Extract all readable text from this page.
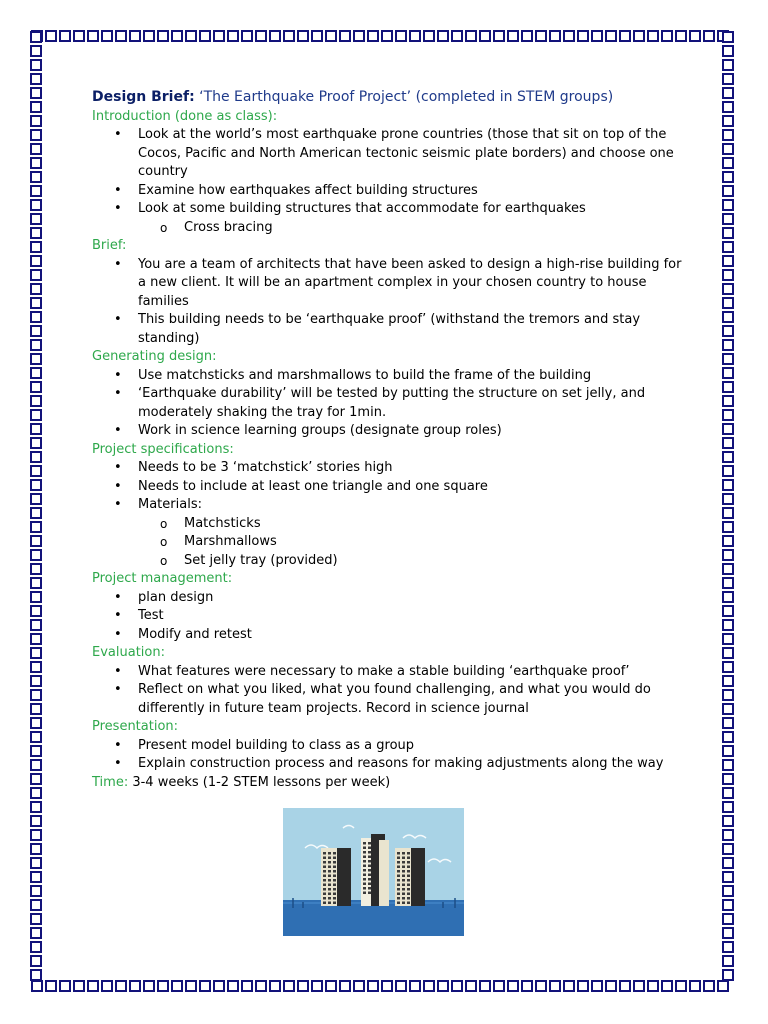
Design Brief: ‘The Earthquake Proof Project’ (completed in STEM groups)
Introduction (done as class):
• Look at the world’s most earthquake prone countries (those that sit on top of the Cocos, Pacific and North American tectonic seismic plate borders) and choose one country
• Examine how earthquakes affect building structures
• Look at some building structures that accommodate for earthquakes
o Cross bracing
Brief:
• You are a team of architects that have been asked to design a high-rise building for a new client. It will be an apartment complex in your chosen country to house families
• This building needs to be ‘earthquake proof’ (withstand the tremors and stay standing)
Generating design:
• Use matchsticks and marshmallows to build the frame of the building
• ‘Earthquake durability’ will be tested by putting the structure on set jelly, and moderately shaking the tray for 1min.
• Work in science learning groups (designate group roles)
Project specifications:
• Needs to be 3 ‘matchstick’ stories high
• Needs to include at least one triangle and one square
• Materials:
o Matchsticks
o Marshmallows
o Set jelly tray (provided)
Project management:
• plan design
• Test
• Modify and retest
Evaluation:
• What features were necessary to make a stable building ‘earthquake proof’
• Reflect on what you liked, what you found challenging, and what you would do differently in future team projects. Record in science journal
Presentation:
• Present model building to class as a group
• Explain construction process and reasons for making adjustments along the way
Time: 3-4 weeks (1-2 STEM lessons per week)
